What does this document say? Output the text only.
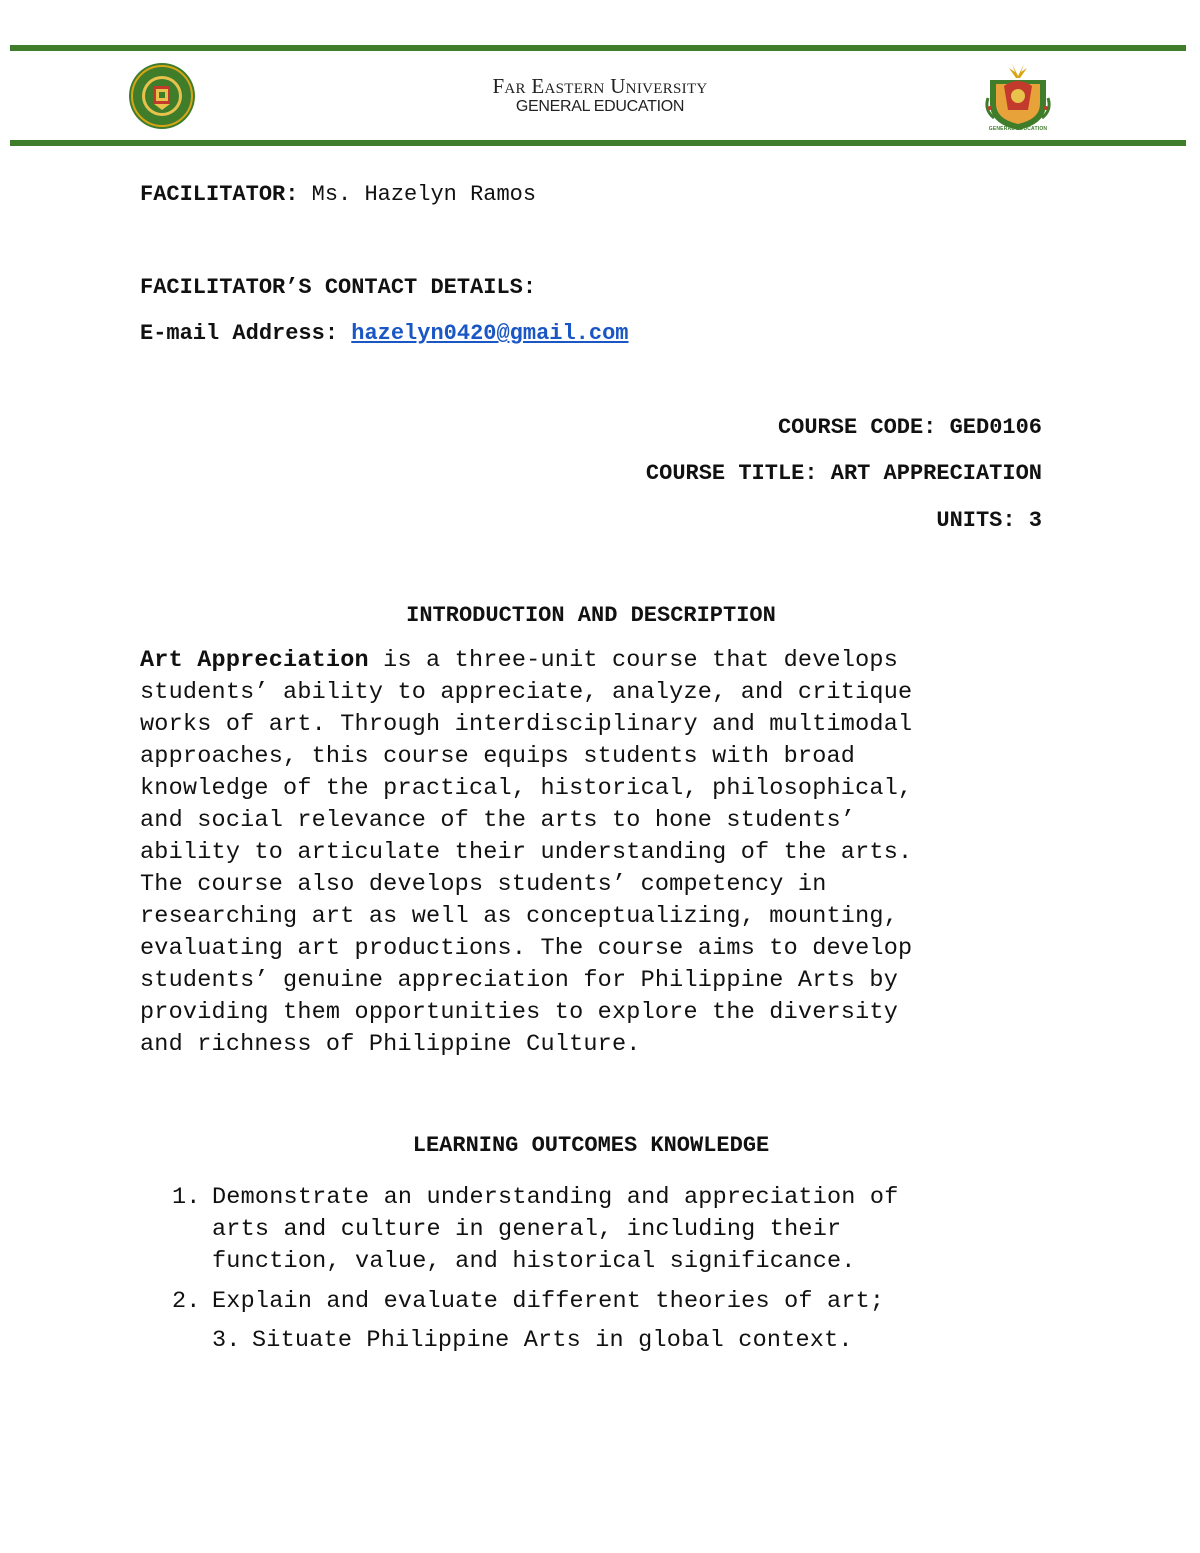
Far Eastern University
GENERAL EDUCATION
GENERAL EDUCATION
FACILITATOR: Ms. Hazelyn Ramos
FACILITATOR’S CONTACT DETAILS:
E-mail Address: hazelyn0420@gmail.com
COURSE CODE: GED0106
COURSE TITLE: ART APPRECIATION
UNITS: 3
INTRODUCTION AND DESCRIPTION
Art Appreciation is a three-unit course that develops
students’ ability to appreciate, analyze, and critique
works of art. Through interdisciplinary and multimodal
approaches, this course equips students with broad
knowledge of the practical, historical, philosophical,
and social relevance of the arts to hone students’
ability to articulate their understanding of the arts.
The course also develops students’ competency in
researching art as well as conceptualizing, mounting,
evaluating art productions. The course aims to develop
students’ genuine appreciation for Philippine Arts by
providing them opportunities to explore the diversity
and richness of Philippine Culture.
LEARNING OUTCOMES KNOWLEDGE
1. Demonstrate an understanding and appreciation of
arts and culture in general, including their
function, value, and historical significance.
2. Explain and evaluate different theories of art;
3. Situate Philippine Arts in global context.
